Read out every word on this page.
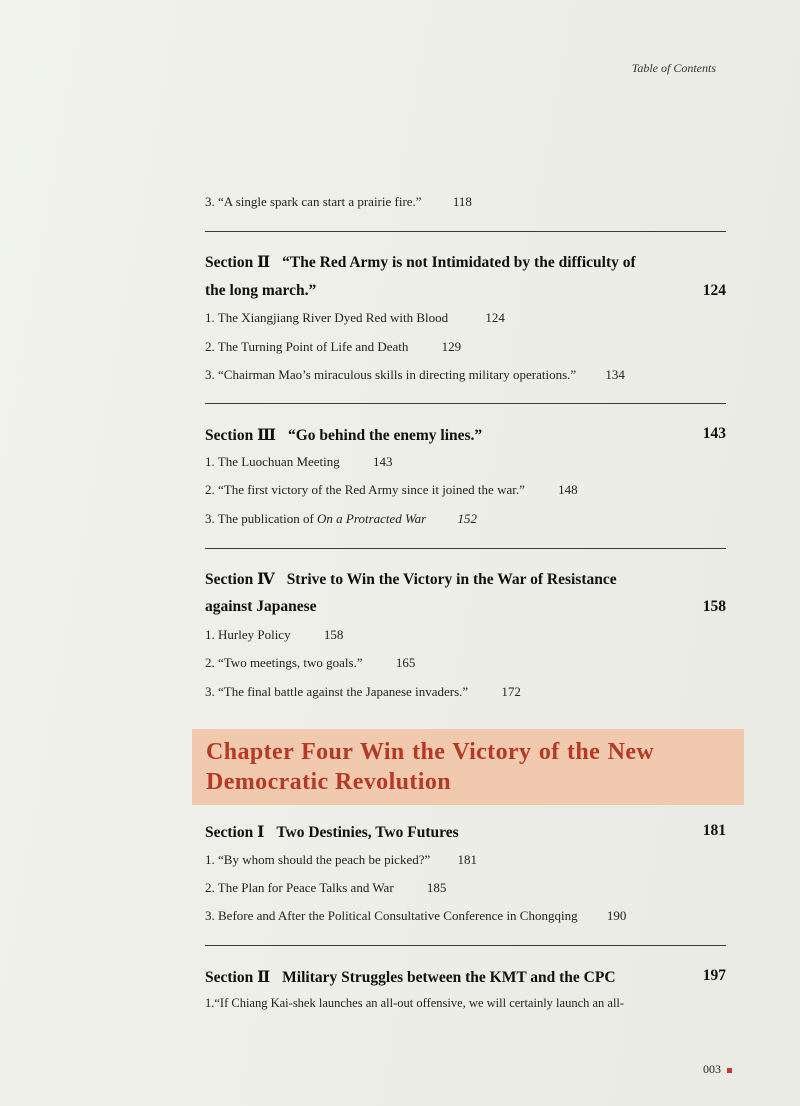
Table of Contents
3. “A single spark can start a prairie fire.” 118
Section Ⅱ “The Red Army is not Intimidated by the difficulty of
the long march.”	124
1. The Xiangjiang River Dyed Red with Blood	124
2. The Turning Point of Life and Death	129
3. “Chairman Mao’s miraculous skills in directing military operations.” 134
Section Ⅲ “Go behind the enemy lines.”	143
1. The Luochuan Meeting	143
2. “The first victory of the Red Army since it joined the war.”	148
3. The publication of On a Protracted War 152
Section Ⅳ Strive to Win the Victory in the War of Resistance
against Japanese	158
1. Hurley Policy	158
2. “Two meetings, two goals.”	165
3. “The final battle against the Japanese invaders.”	172
Chapter Four Win the Victory of the New
Democratic Revolution
Section Ⅰ Two Destinies, Two Futures	181
1. “By whom should the peach be picked?” 181
2. The Plan for Peace Talks and War	185
3. Before and After the Political Consultative Conference in Chongqing 190
Section Ⅱ Military Struggles between the KMT and the CPC	197
1.“If Chiang Kai-shek launches an all-out offensive, we will certainly launch an all-
003
